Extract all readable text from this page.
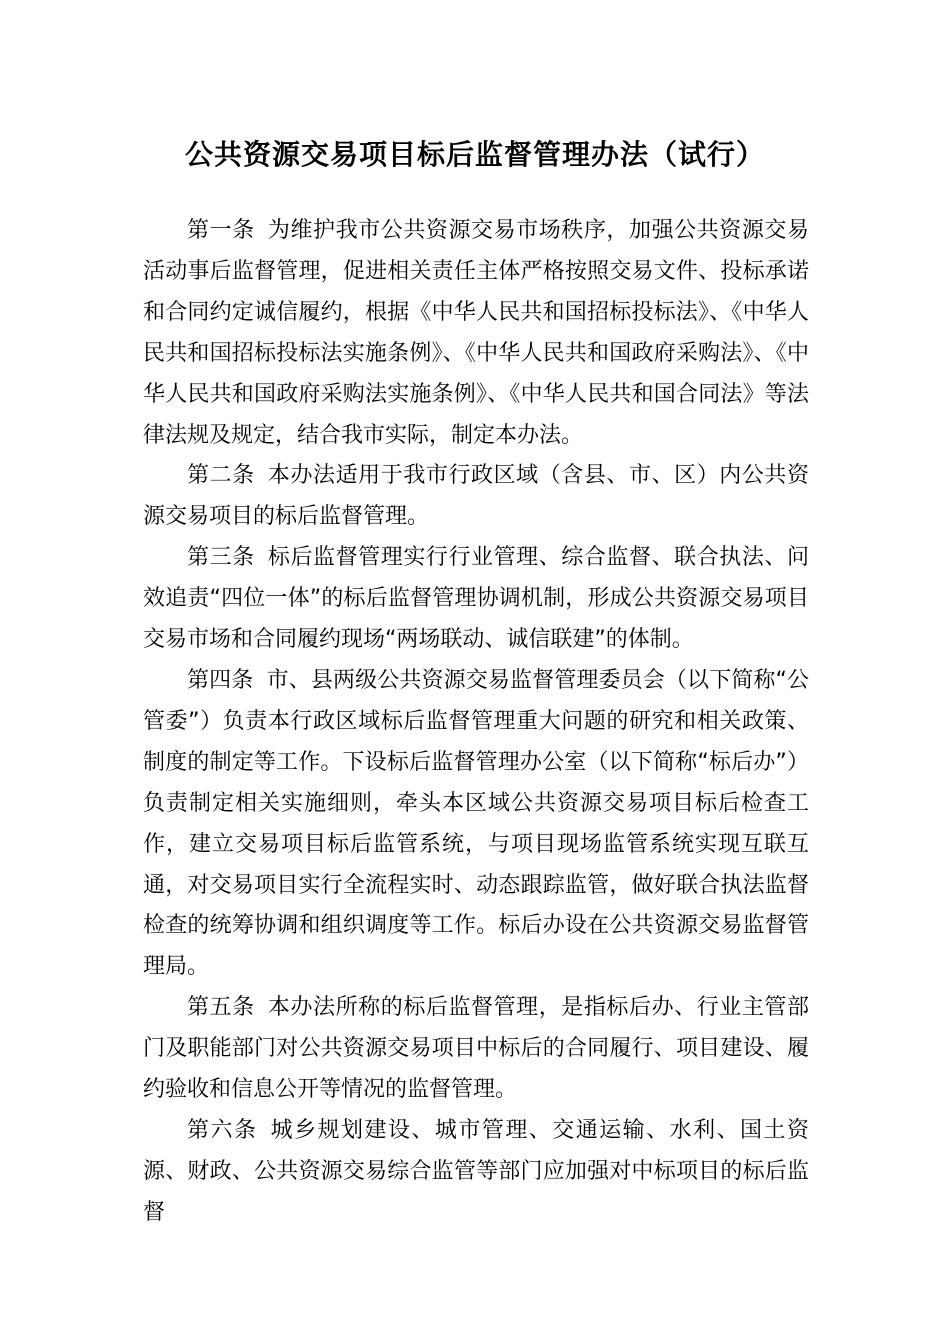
公共资源交易项目标后监督管理办法（试行）

第一条 为维护我市公共资源交易市场秩序，加强公共资源交易活动事后监督管理，促进相关责任主体严格按照交易文件、投标承诺和合同约定诚信履约，根据《中华人民共和国招标投标法》、《中华人民共和国招标投标法实施条例》、《中华人民共和国政府采购法》、《中华人民共和国政府采购法实施条例》、《中华人民共和国合同法》等法律法规及规定，结合我市实际，制定本办法。

第二条 本办法适用于我市行政区域（含县、市、区）内公共资源交易项目的标后监督管理。

第三条 标后监督管理实行行业管理、综合监督、联合执法、问效追责“四位一体”的标后监督管理协调机制，形成公共资源交易项目交易市场和合同履约现场“两场联动、诚信联建”的体制。

第四条 市、县两级公共资源交易监督管理委员会（以下简称“公管委”）负责本行政区域标后监督管理重大问题的研究和相关政策、制度的制定等工作。下设标后监督管理办公室（以下简称“标后办”）负责制定相关实施细则，牵头本区域公共资源交易项目标后检查工作，建立交易项目标后监管系统，与项目现场监管系统实现互联互通，对交易项目实行全流程实时、动态跟踪监管，做好联合执法监督检查的统筹协调和组织调度等工作。标后办设在公共资源交易监督管理局。

第五条 本办法所称的标后监督管理，是指标后办、行业主管部门及职能部门对公共资源交易项目中标后的合同履行、项目建设、履约验收和信息公开等情况的监督管理。

第六条 城乡规划建设、城市管理、交通运输、水利、国土资源、财政、公共资源交易综合监管等部门应加强对中标项目的标后监督
